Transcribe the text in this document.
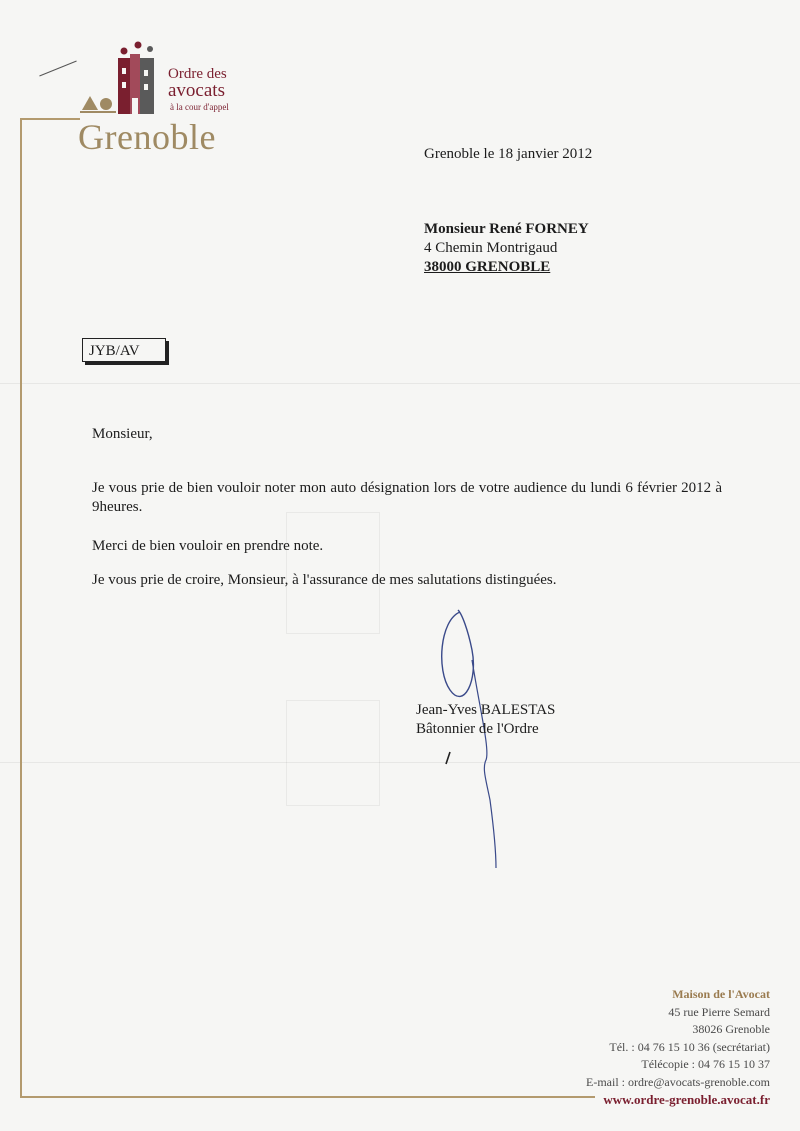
Ordre des
avocats
à la cour d'appel
Grenoble	Grenoble le 18 janvier 2012
Monsieur René FORNEY
4 Chemin Montrigaud
38000 GRENOBLE
JYB/AV
Monsieur,
Je vous prie de bien vouloir noter mon auto désignation lors de votre audience du lundi 6 février 2012 à 9heures.
Merci de bien vouloir en prendre note.
Je vous prie de croire, Monsieur, à l'assurance de mes salutations distinguées.
Jean-Yves BALESTAS
Bâtonnier de l'Ordre
Maison de l'Avocat
45 rue Pierre Semard
38026 Grenoble
Tél. : 04 76 15 10 36 (secrétariat)
Télécopie : 04 76 15 10 37
E-mail : ordre@avocats-grenoble.com
www.ordre-grenoble.avocat.fr
